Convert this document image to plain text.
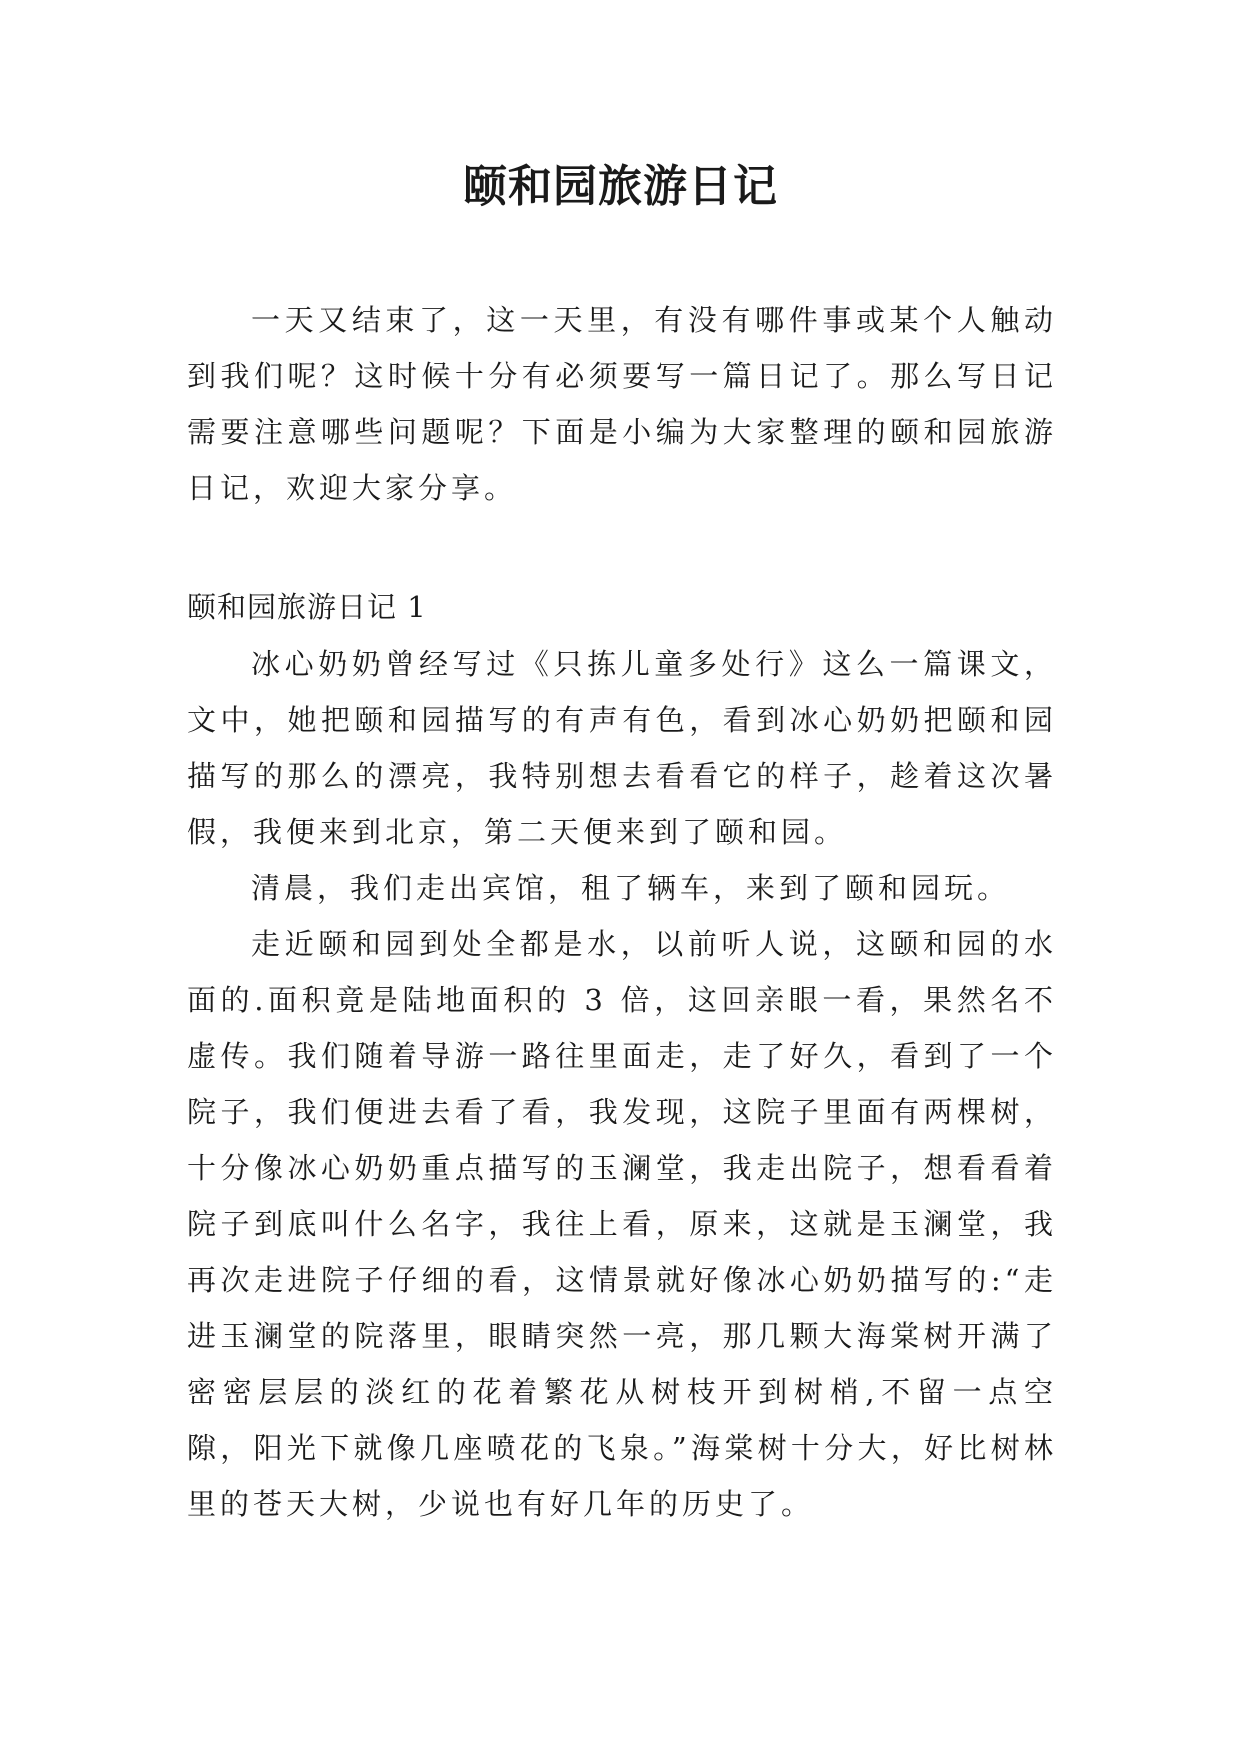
颐和园旅游日记

一天又结束了，这一天里，有没有哪件事或某个人触动到我们呢？这时候十分有必须要写一篇日记了。那么写日记需要注意哪些问题呢？下面是小编为大家整理的颐和园旅游日记，欢迎大家分享。

颐和园旅游日记 1

冰心奶奶曾经写过《只拣儿童多处行》这么一篇课文，文中，她把颐和园描写的有声有色，看到冰心奶奶把颐和园描写的那么的漂亮，我特别想去看看它的样子，趁着这次暑假，我便来到北京，第二天便来到了颐和园。

清晨，我们走出宾馆，租了辆车，来到了颐和园玩。

走近颐和园到处全都是水，以前听人说，这颐和园的水面的.面积竟是陆地面积的 3 倍，这回亲眼一看，果然名不虚传。我们随着导游一路往里面走，走了好久，看到了一个院子，我们便进去看了看，我发现，这院子里面有两棵树，十分像冰心奶奶重点描写的玉澜堂，我走出院子，想看看着院子到底叫什么名字，我往上看，原来，这就是玉澜堂，我再次走进院子仔细的看，这情景就好像冰心奶奶描写的:“走进玉澜堂的院落里，眼睛突然一亮，那几颗大海棠树开满了密密层层的淡红的花着繁花从树枝开到树梢,不留一点空隙，阳光下就像几座喷花的飞泉。”海棠树十分大，好比树林里的苍天大树，少说也有好几年的历史了。
